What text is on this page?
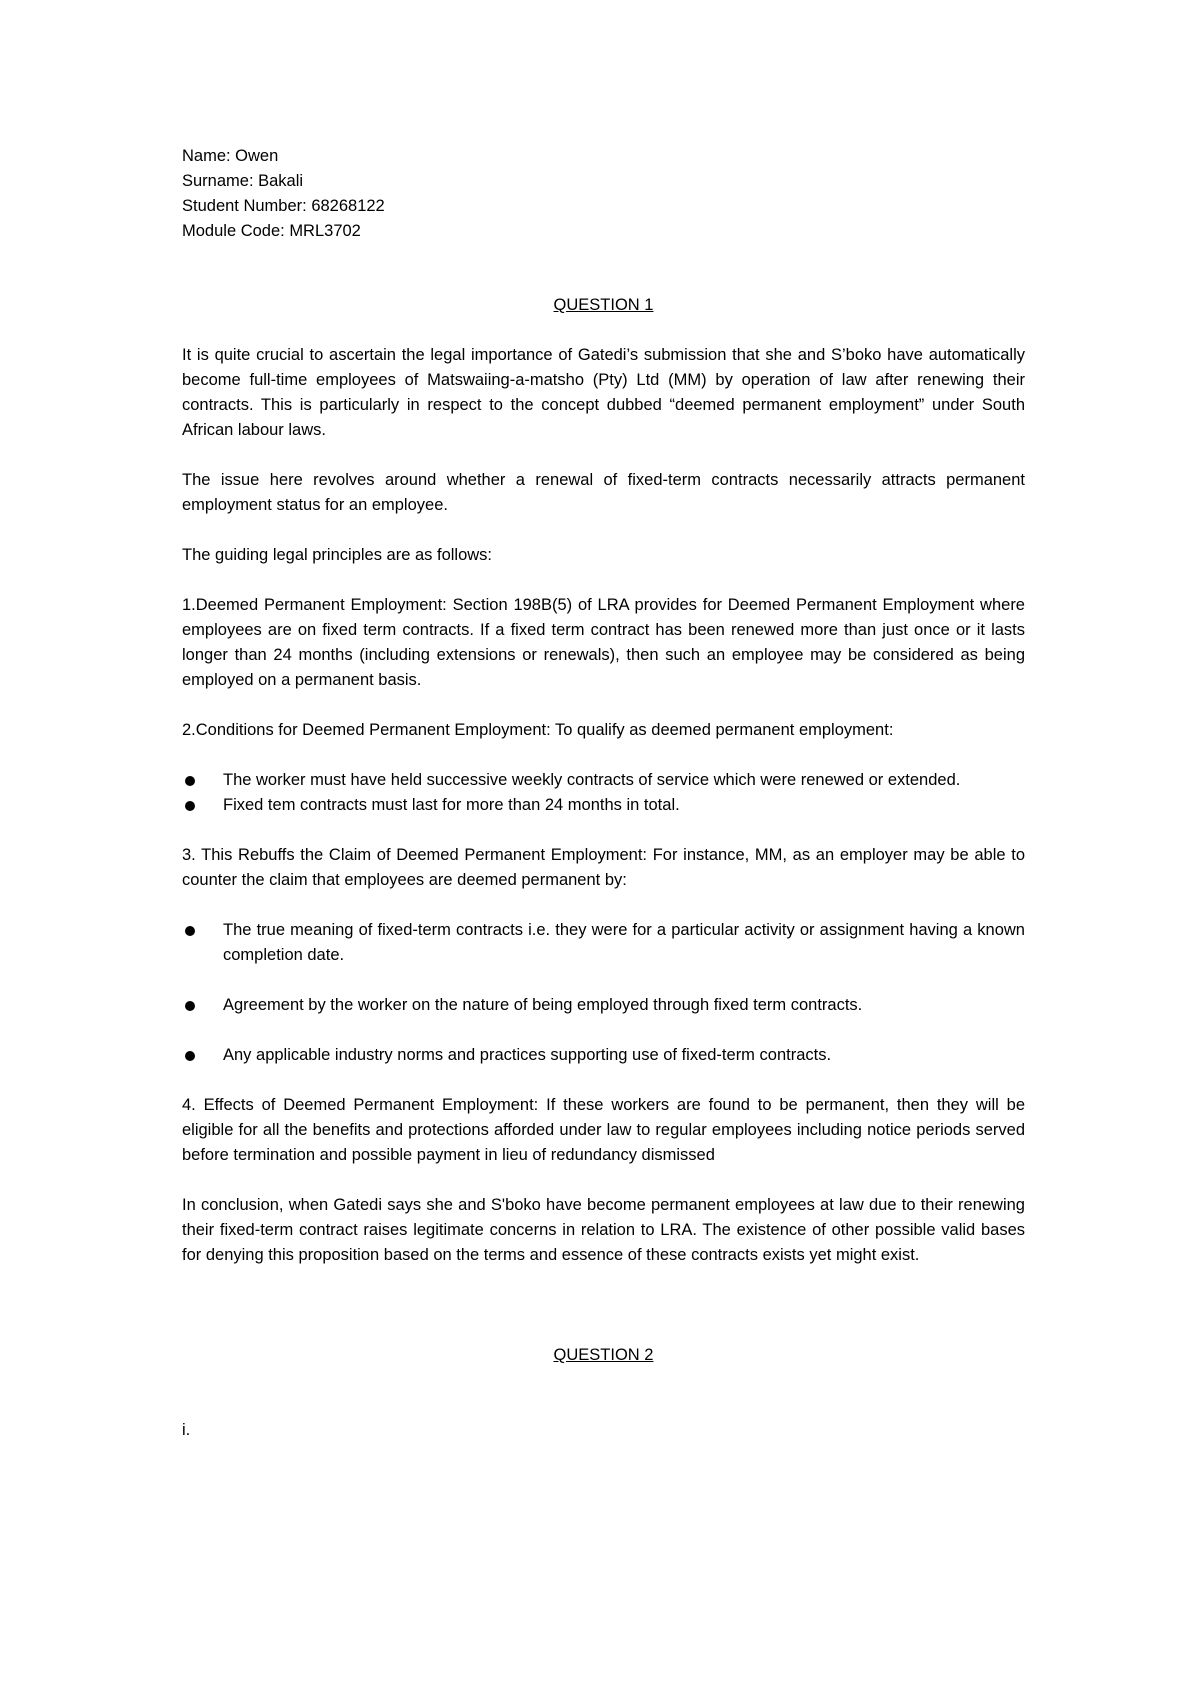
Name: Owen
Surname: Bakali
Student Number: 68268122
Module Code: MRL3702

QUESTION 1

It is quite crucial to ascertain the legal importance of Gatedi’s submission that she and S’boko have automatically become full-time employees of Matswaiing-a-matsho (Pty) Ltd (MM) by operation of law after renewing their contracts. This is particularly in respect to the concept dubbed “deemed permanent employment” under South African labour laws.

The issue here revolves around whether a renewal of fixed-term contracts necessarily attracts permanent employment status for an employee.

The guiding legal principles are as follows:

1.Deemed Permanent Employment: Section 198B(5) of LRA provides for Deemed Permanent Employment where employees are on fixed term contracts. If a fixed term contract has been renewed more than just once or it lasts longer than 24 months (including extensions or renewals), then such an employee may be considered as being employed on a permanent basis.

2.Conditions for Deemed Permanent Employment: To qualify as deemed permanent employment:

The worker must have held successive weekly contracts of service which were renewed or extended.
Fixed tem contracts must last for more than 24 months in total.

3. This Rebuffs the Claim of Deemed Permanent Employment: For instance, MM, as an employer may be able to counter the claim that employees are deemed permanent by:

The true meaning of fixed-term contracts i.e. they were for a particular activity or assignment having a known completion date.
Agreement by the worker on the nature of being employed through fixed term contracts.
Any applicable industry norms and practices supporting use of fixed-term contracts.

4. Effects of Deemed Permanent Employment: If these workers are found to be permanent, then they will be eligible for all the benefits and protections afforded under law to regular employees including notice periods served before termination and possible payment in lieu of redundancy dismissed

In conclusion, when Gatedi says she and S'boko have become permanent employees at law due to their renewing their fixed-term contract raises legitimate concerns in relation to LRA. The existence of other possible valid bases for denying this proposition based on the terms and essence of these contracts exists yet might exist.

QUESTION 2

i.
